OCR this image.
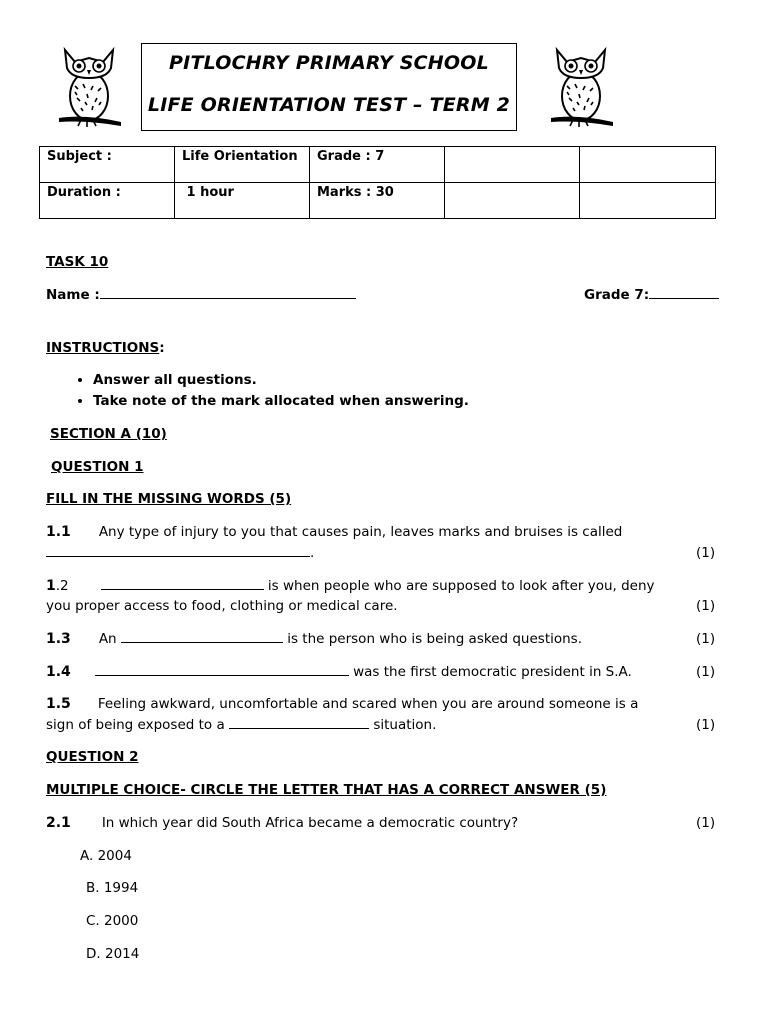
PITLOCHRY PRIMARY SCHOOL
LIFE ORIENTATION TEST – TERM 2
Subject :	Life Orientation	Grade : 7		
Duration :	1 hour	Marks : 30		
TASK 10
Name :	Grade 7:
INSTRUCTIONS:
• Answer all questions.
• Take note of the mark allocated when answering.
SECTION A (10)
QUESTION 1
FILL IN THE MISSING WORDS (5)
1.1 Any type of injury to you that causes pain, leaves marks and bruises is called
.	(1)
1.2	is when people who are supposed to look after you, deny
you proper access to food, clothing or medical care.	(1)
1.3 An	is the person who is being asked questions.	(1)
1.4	was the first democratic president in S.A.	(1)
1.5 Feeling awkward, uncomfortable and scared when you are around someone is a
sign of being exposed to a	situation.	(1)
QUESTION 2
MULTIPLE CHOICE- CIRCLE THE LETTER THAT HAS A CORRECT ANSWER (5)
2.1 In which year did South Africa became a democratic country?	(1)
A. 2004
B. 1994
C. 2000
D. 2014
